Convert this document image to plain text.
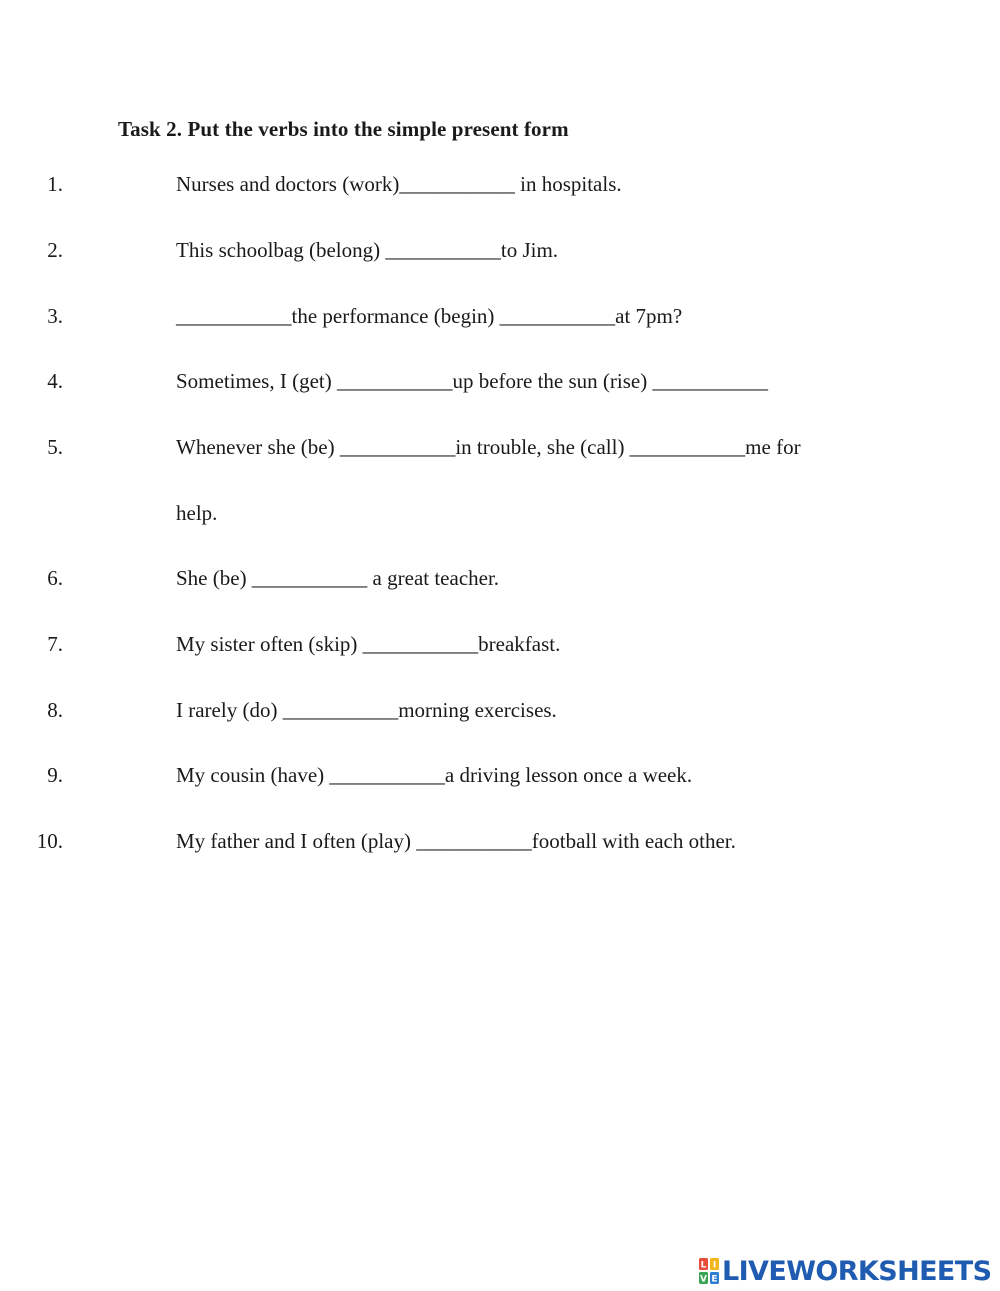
Task 2. Put the verbs into the simple present form
1.	Nurses and doctors (work)___________ in hospitals.
2.	This schoolbag (belong) ___________to Jim.
3.	___________the performance (begin) ___________at 7pm?
4.	Sometimes, I (get) ___________up before the sun (rise) ___________
5.	Whenever she (be) ___________in trouble, she (call) ___________me for
help.
6.	She (be) ___________ a great teacher.
7.	My sister often (skip) ___________breakfast.
8.	I rarely (do) ___________morning exercises.
9.	My cousin (have) ___________a driving lesson once a week.
10.	My father and I often (play) ___________football with each other.
L I
V E LIVEWORKSHEETS
